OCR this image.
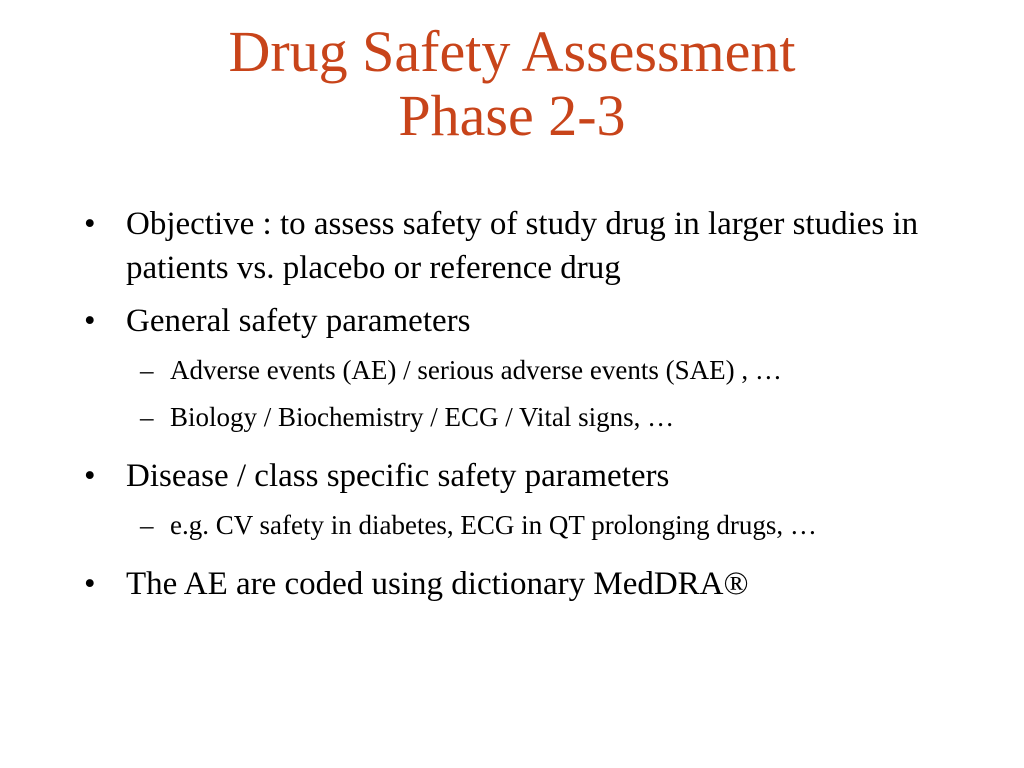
Drug Safety Assessment
Phase 2-3
• Objective : to assess safety of study drug in larger studies in patients vs. placebo or reference drug
• General safety parameters
– Adverse events (AE) / serious adverse events (SAE) , …
– Biology / Biochemistry / ECG / Vital signs, …
• Disease / class specific safety parameters
– e.g. CV safety in diabetes, ECG in QT prolonging drugs, …
• The AE are coded using dictionary MedDRA®
